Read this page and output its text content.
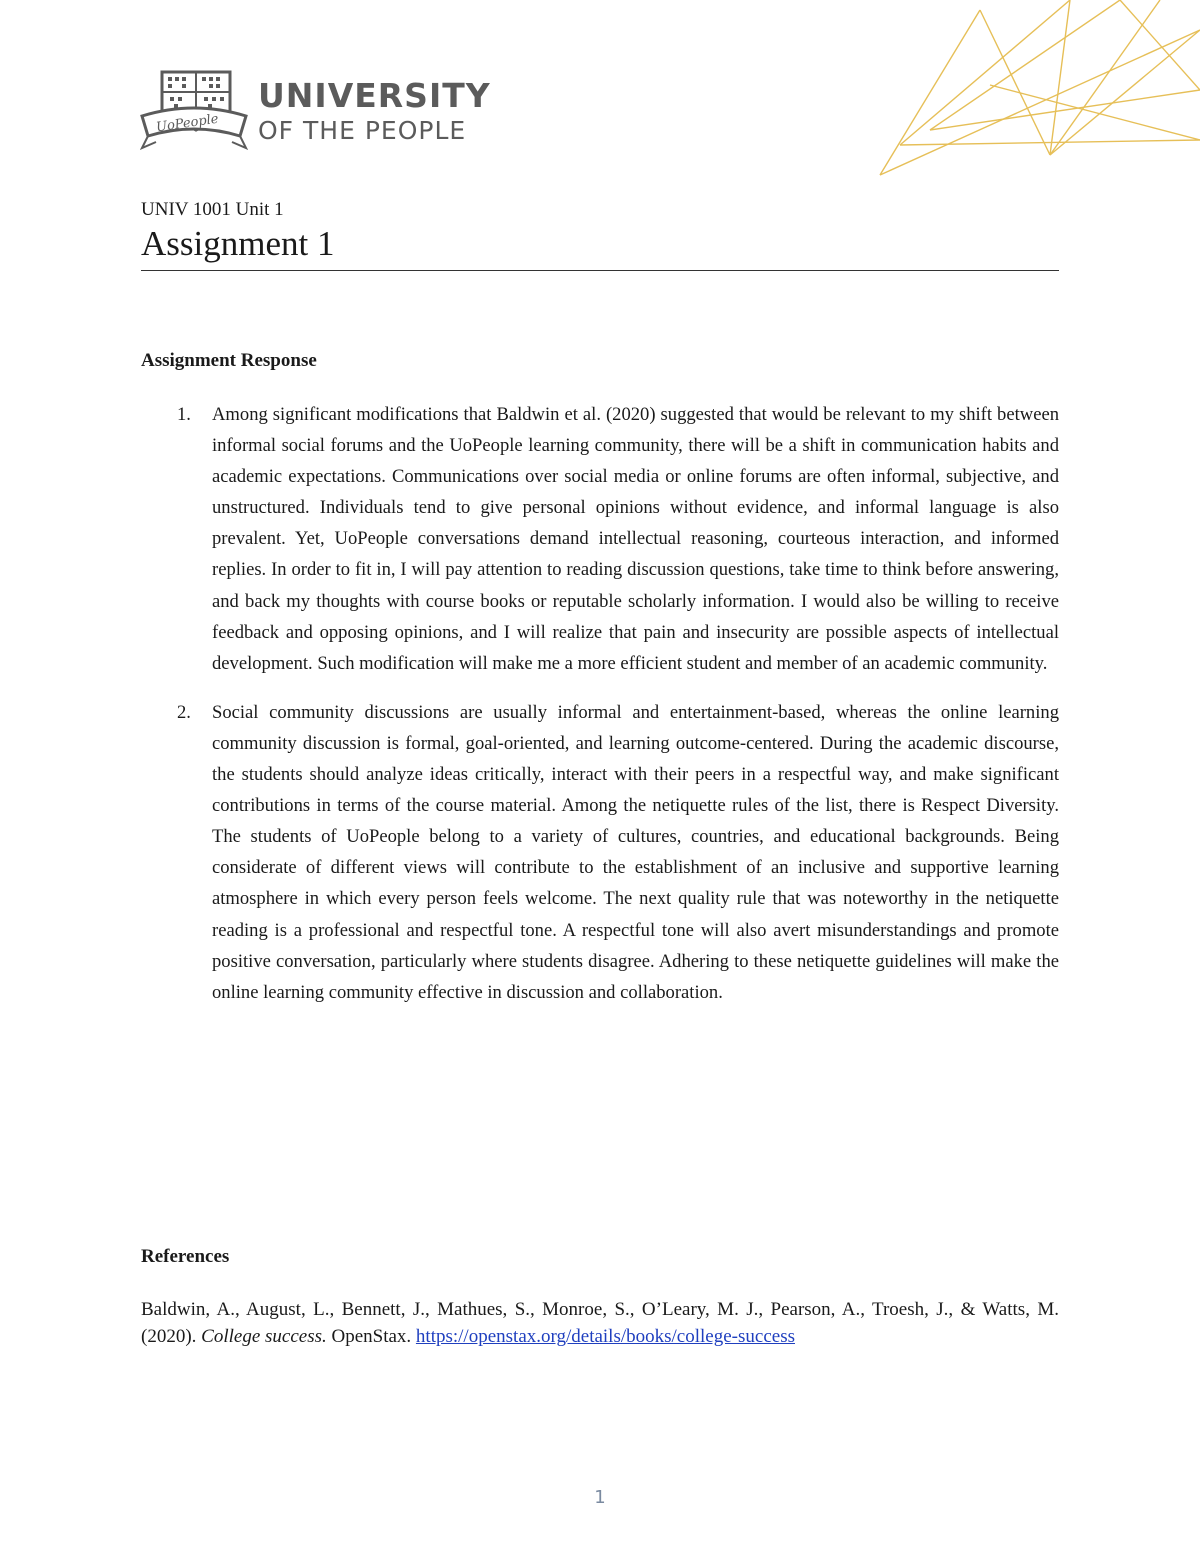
UoPeople
UNIVERSITY
OF THE PEOPLE
UNIV 1001 Unit 1
Assignment 1
Assignment Response
1. Among significant modifications that Baldwin et al. (2020) suggested that would be relevant to my shift between informal social forums and the UoPeople learning community, there will be a shift in communication habits and academic expectations. Communications over social media or online forums are often informal, subjective, and unstructured. Individuals tend to give personal opinions without evidence, and informal language is also prevalent. Yet, UoPeople conversations demand intellectual reasoning, courteous interaction, and informed replies. In order to fit in, I will pay attention to reading discussion questions, take time to think before answering, and back my thoughts with course books or reputable scholarly information. I would also be willing to receive feedback and opposing opinions, and I will realize that pain and insecurity are possible aspects of intellectual development. Such modification will make me a more efficient student and member of an academic community.
2. Social community discussions are usually informal and entertainment-based, whereas the online learning community discussion is formal, goal-oriented, and learning outcome-centered. During the academic discourse, the students should analyze ideas critically, interact with their peers in a respectful way, and make significant contributions in terms of the course material. Among the netiquette rules of the list, there is Respect Diversity. The students of UoPeople belong to a variety of cultures, countries, and educational backgrounds. Being considerate of different views will contribute to the establishment of an inclusive and supportive learning atmosphere in which every person feels welcome. The next quality rule that was noteworthy in the netiquette reading is a professional and respectful tone. A respectful tone will also avert misunderstandings and promote positive conversation, particularly where students disagree. Adhering to these netiquette guidelines will make the online learning community effective in discussion and collaboration.
References
Baldwin, A., August, L., Bennett, J., Mathues, S., Monroe, S., O’Leary, M. J., Pearson, A., Troesh, J., & Watts, M. (2020). College success. OpenStax. https://openstax.org/details/books/college-success
1
